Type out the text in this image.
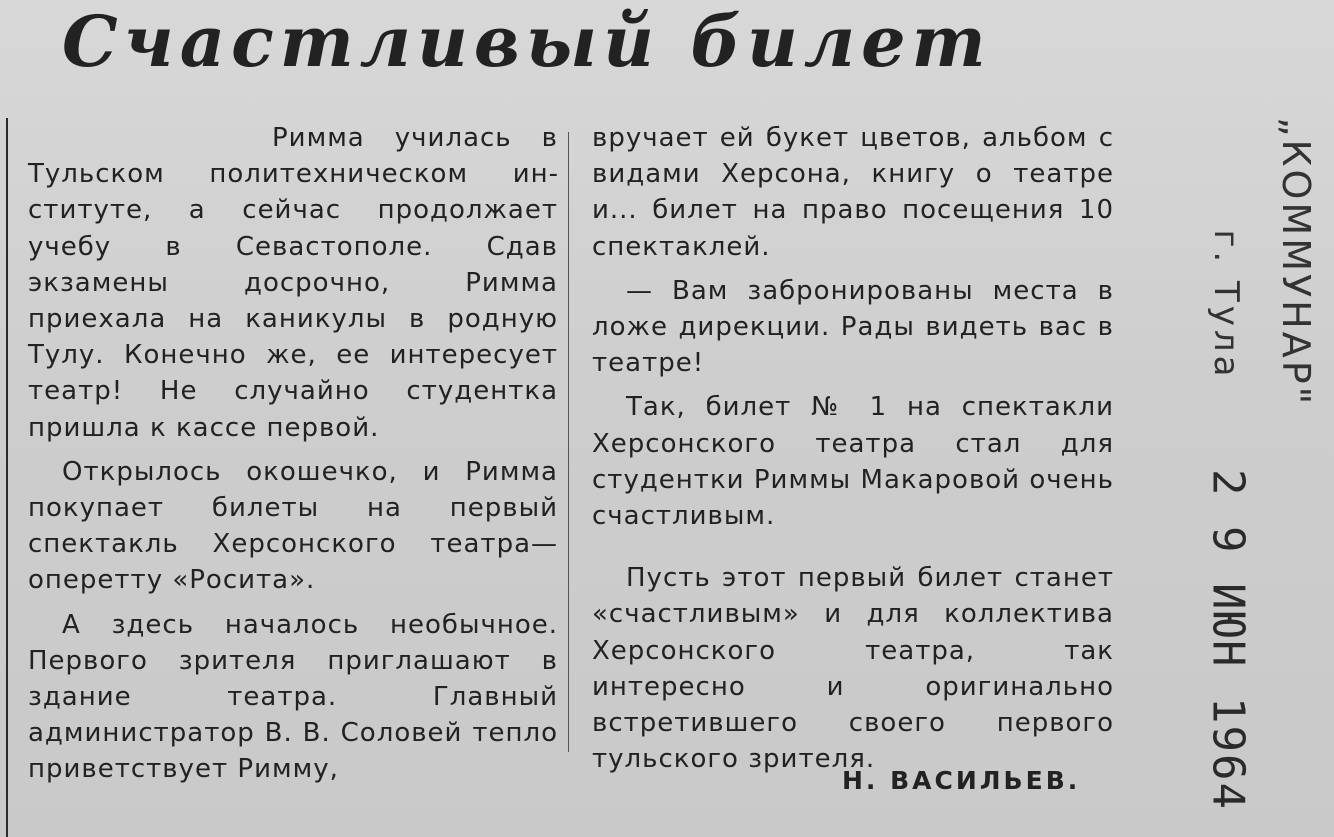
Счастливый билет

Римма училась в Тульском политехническом институте, а сейчас продолжает учебу в Севастополе. Сдав экзамены досрочно, Римма приехала на каникулы в родную Тулу. Конечно же, ее интересует театр! Не случайно студентка пришла к кассе первой.

Открылось окошечко, и Римма покупает билеты на первый спектакль Херсонского театра—оперетту «Росита».

А здесь началось необычное. Первого зрителя приглашают в здание театра. Главный администратор В. В. Соловей тепло приветствует Римму,

вручает ей букет цветов, альбом с видами Херсона, книгу о театре и... билет на право посещения 10 спектаклей.

— Вам забронированы места в ложе дирекции. Рады видеть вас в театре!

Так, билет № 1 на спектакли Херсонского театра стал для студентки Риммы Макаровой очень счастливым.

Пусть этот первый билет станет «счастливым» и для коллектива Херсонского театра, так интересно и оригинально встретившего своего первого тульского зрителя.

Н. ВАСИЛЬЕВ.
„КОММУНАР"
г. Тула
2 9 ИЮН 1964
